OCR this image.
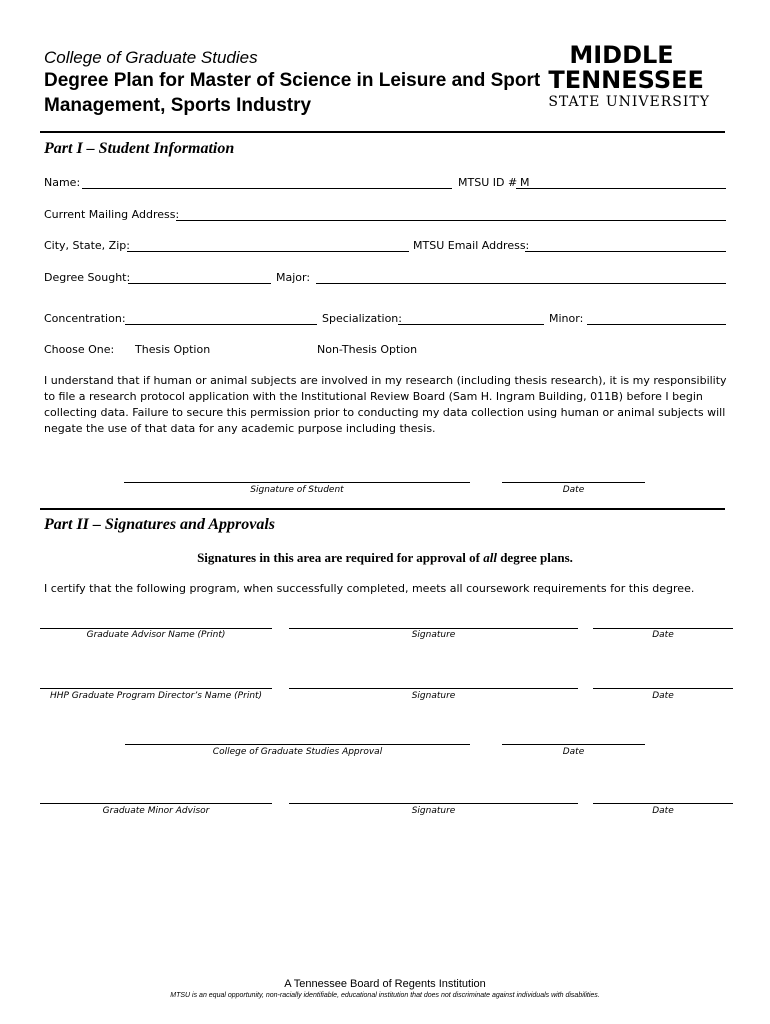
College of Graduate Studies
Degree Plan for Master of Science in Leisure and Sport Management, Sports Industry
MIDDLE
TENNESSEE
STATE UNIVERSITY
Part I – Student Information
Name:	MTSU ID # M
Current Mailing Address:
City, State, Zip:	MTSU Email Address:
Degree Sought:	Major:
Concentration:	Specialization:	Minor:
Choose One: Thesis Option	Non-Thesis Option
I understand that if human or animal subjects are involved in my research (including thesis research), it is my responsibility to file a research protocol application with the Institutional Review Board (Sam H. Ingram Building, 011B) before I begin collecting data. Failure to secure this permission prior to conducting my data collection using human or animal subjects will negate the use of that data for any academic purpose including thesis.
Signature of Student	Date
Part II – Signatures and Approvals
Signatures in this area are required for approval of all degree plans.
I certify that the following program, when successfully completed, meets all coursework requirements for this degree.
Graduate Advisor Name (Print)	Signature	Date
HHP Graduate Program Director’s Name (Print)	Signature	Date
College of Graduate Studies Approval	Date
Graduate Minor Advisor	Signature	Date
A Tennessee Board of Regents Institution
MTSU is an equal opportunity, non-racially identifiable, educational institution that does not discriminate against individuals with disabilities.
